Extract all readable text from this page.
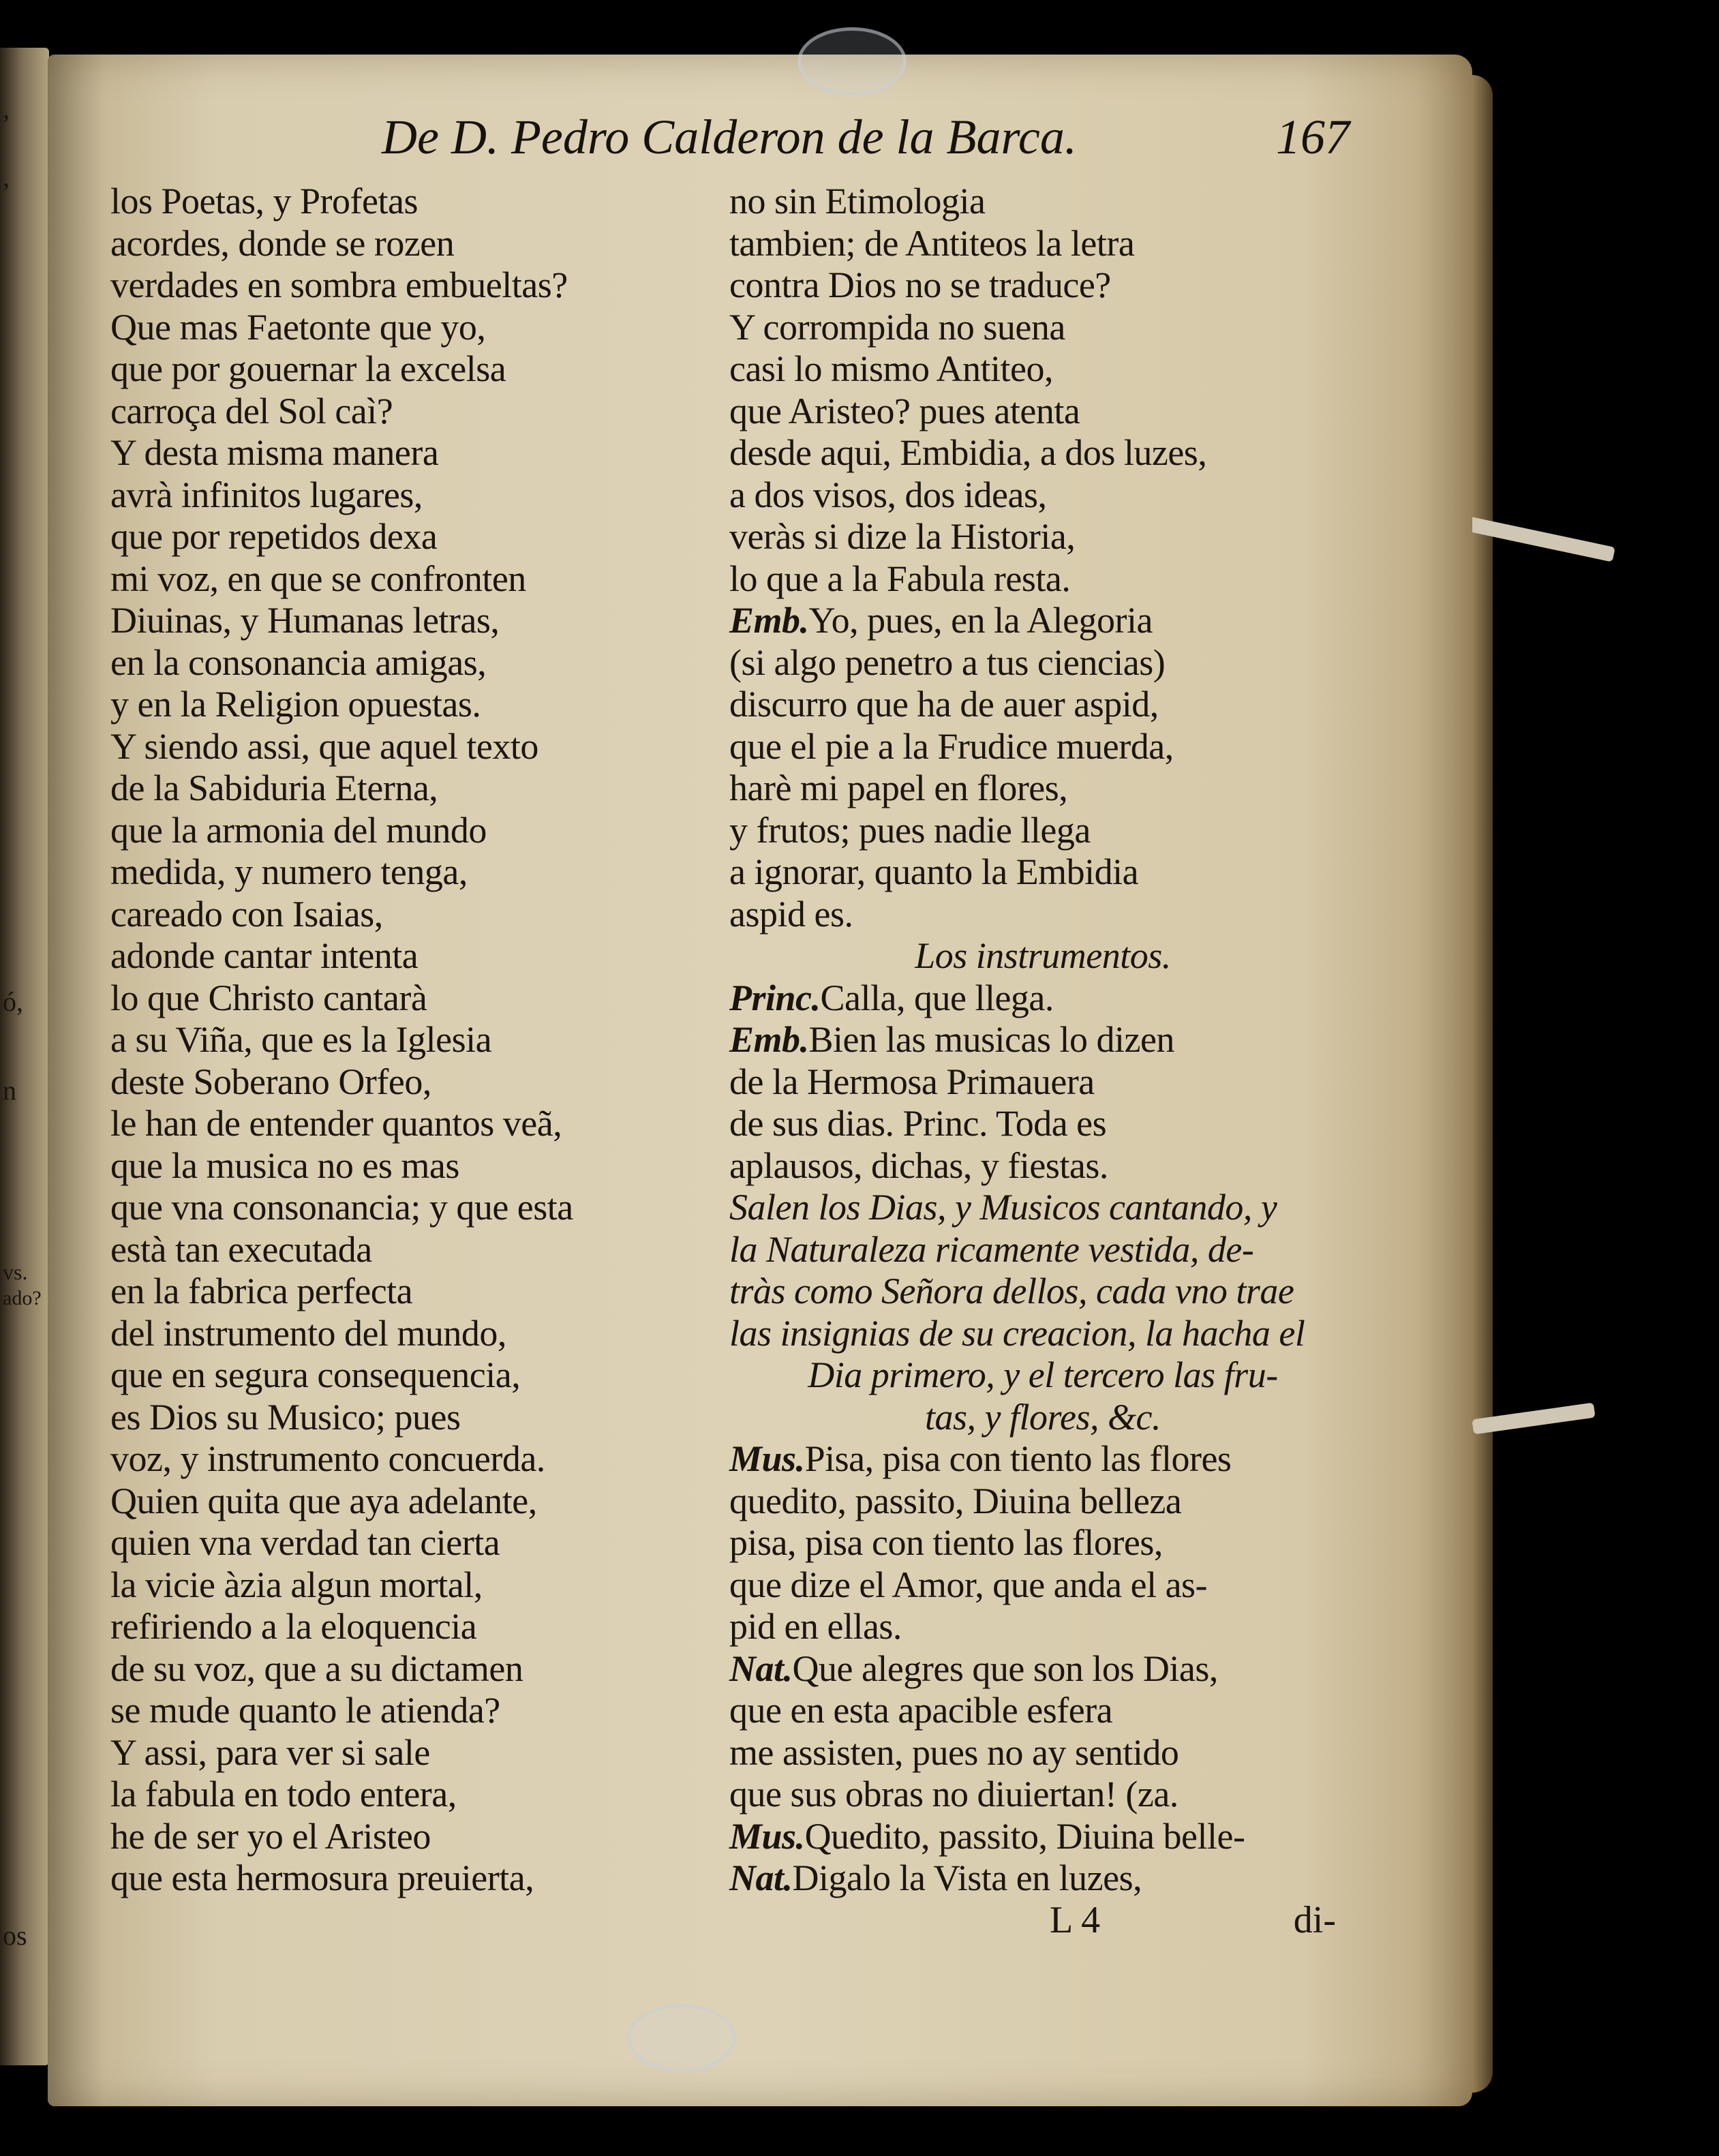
,
,
ó,
n
vs.
ado?
os
De D. Pedro Calderon de la Barca.	167
los Poetas, y Profetas
acordes, donde se rozen
verdades en sombra embueltas?
Que mas Faetonte que yo,
que por gouernar la excelsa
carroça del Sol caì?
Y desta misma manera
avrà infinitos lugares,
que por repetidos dexa
mi voz, en que se confronten
Diuinas, y Humanas letras,
en la consonancia amigas,
y en la Religion opuestas.
Y siendo assi, que aquel texto
de la Sabiduria Eterna,
que la armonia del mundo
medida, y numero tenga,
careado con Isaias,
adonde cantar intenta
lo que Christo cantarà
a su Viña, que es la Iglesia
deste Soberano Orfeo,
le han de entender quantos veã,
que la musica no es mas
que vna consonancia; y que esta
està tan executada
en la fabrica perfecta
del instrumento del mundo,
que en segura consequencia,
es Dios su Musico; pues
voz, y instrumento concuerda.
Quien quita que aya adelante,
quien vna verdad tan cierta
la vicie àzia algun mortal,
refiriendo a la eloquencia
de su voz, que a su dictamen
se mude quanto le atienda?
Y assi, para ver si sale
la fabula en todo entera,
he de ser yo el Aristeo
que esta hermosura preuierta,
no sin Etimologia
tambien; de Antiteos la letra
contra Dios no se traduce?
Y corrompida no suena
casi lo mismo Antiteo,
que Aristeo? pues atenta
desde aqui, Embidia, a dos luzes,
a dos visos, dos ideas,
veràs si dize la Historia,
lo que a la Fabula resta.
Emb.Yo, pues, en la Alegoria
(si algo penetro a tus ciencias)
discurro que ha de auer aspid,
que el pie a la Frudice muerda,
harè mi papel en flores,
y frutos; pues nadie llega
a ignorar, quanto la Embidia
aspid es.
Los instrumentos.
Princ.Calla, que llega.
Emb.Bien las musicas lo dizen
de la Hermosa Primauera
de sus dias. Princ. Toda es
aplausos, dichas, y fiestas.
Salen los Dias, y Musicos cantando, y
la Naturaleza ricamente vestida, de-
tràs como Señora dellos, cada vno trae
las insignias de su creacion, la hacha el
Dia primero, y el tercero las fru-
tas, y flores, &c.
Mus.Pisa, pisa con tiento las flores
quedito, passito, Diuina belleza
pisa, pisa con tiento las flores,
que dize el Amor, que anda el as-
pid en ellas.
Nat.Que alegres que son los Dias,
que en esta apacible esfera
me assisten, pues no ay sentido
que sus obras no diuiertan! (za.
Mus.Quedito, passito, Diuina belle-
Nat.Digalo la Vista en luzes,
L 4	di-
